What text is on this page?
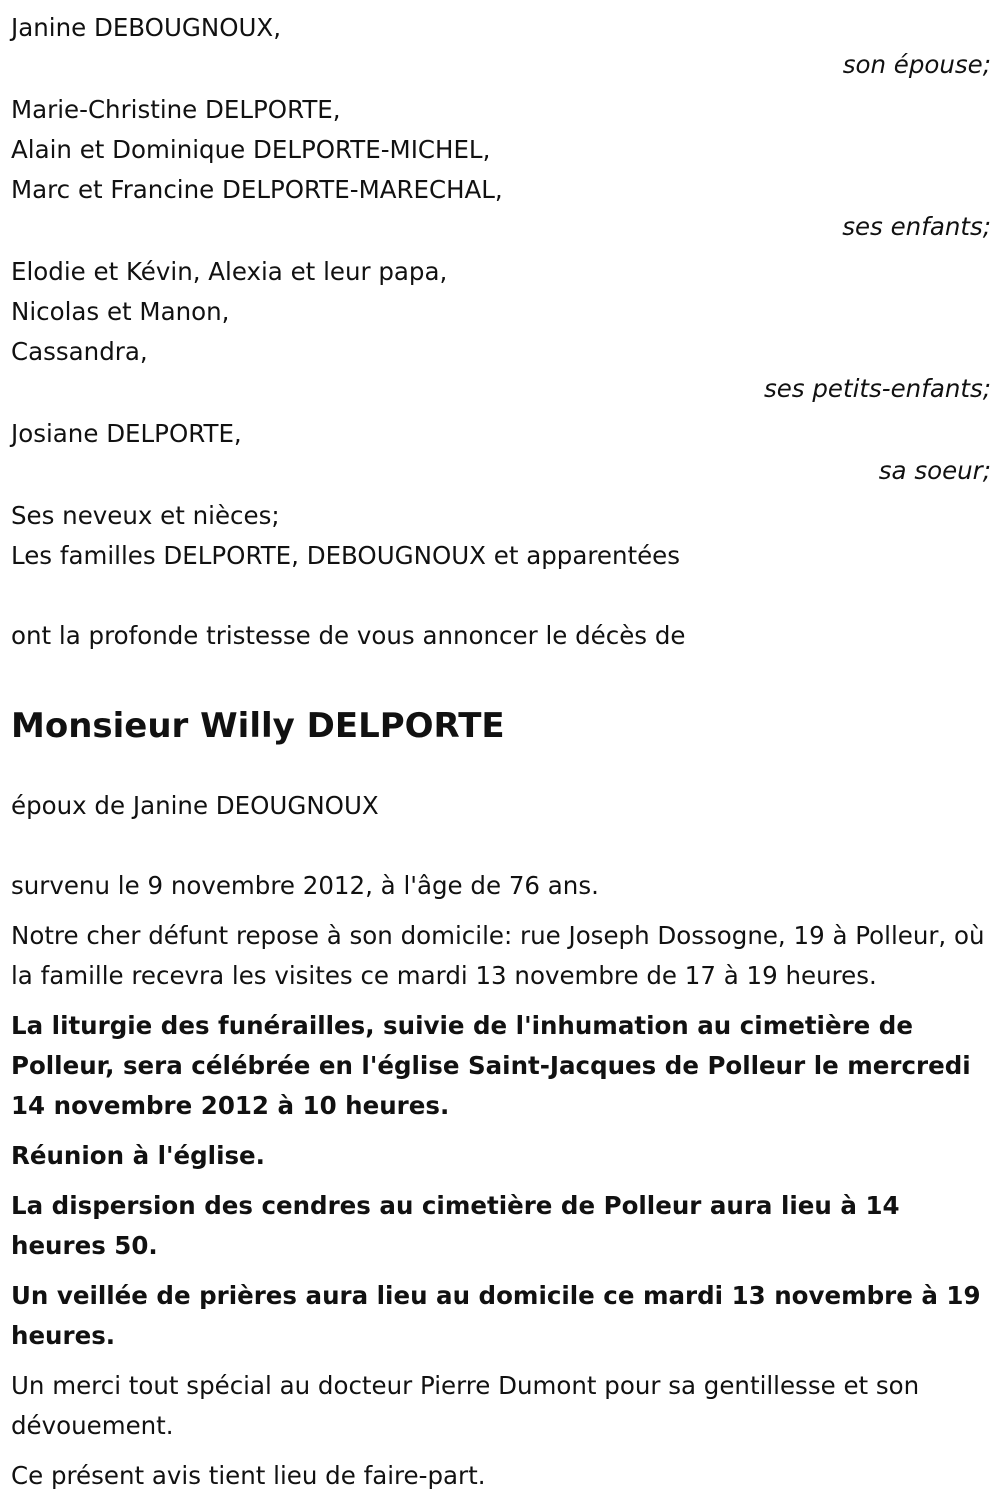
Janine DEBOUGNOUX,
son épouse;
Marie-Christine DELPORTE,
Alain et Dominique DELPORTE-MICHEL,
Marc et Francine DELPORTE-MARECHAL,
ses enfants;
Elodie et Kévin, Alexia et leur papa,
Nicolas et Manon,
Cassandra,
ses petits-enfants;
Josiane DELPORTE,
sa soeur;
Ses neveux et nièces;
Les familles DELPORTE, DEBOUGNOUX et apparentées
ont la profonde tristesse de vous annoncer le décès de
Monsieur Willy DELPORTE
époux de Janine DEOUGNOUX
survenu le 9 novembre 2012, à l'âge de 76 ans.
Notre cher défunt repose à son domicile: rue Joseph Dossogne, 19 à Polleur, où la famille recevra les visites ce mardi 13 novembre de 17 à 19 heures.
La liturgie des funérailles, suivie de l'inhumation au cimetière de Polleur, sera célébrée en l'église Saint-Jacques de Polleur le mercredi 14 novembre 2012 à 10 heures.
Réunion à l'église.
La dispersion des cendres au cimetière de Polleur aura lieu à 14 heures 50.
Un veillée de prières aura lieu au domicile ce mardi 13 novembre à 19 heures.
Un merci tout spécial au docteur Pierre Dumont pour sa gentillesse et son dévouement.
Ce présent avis tient lieu de faire-part.
